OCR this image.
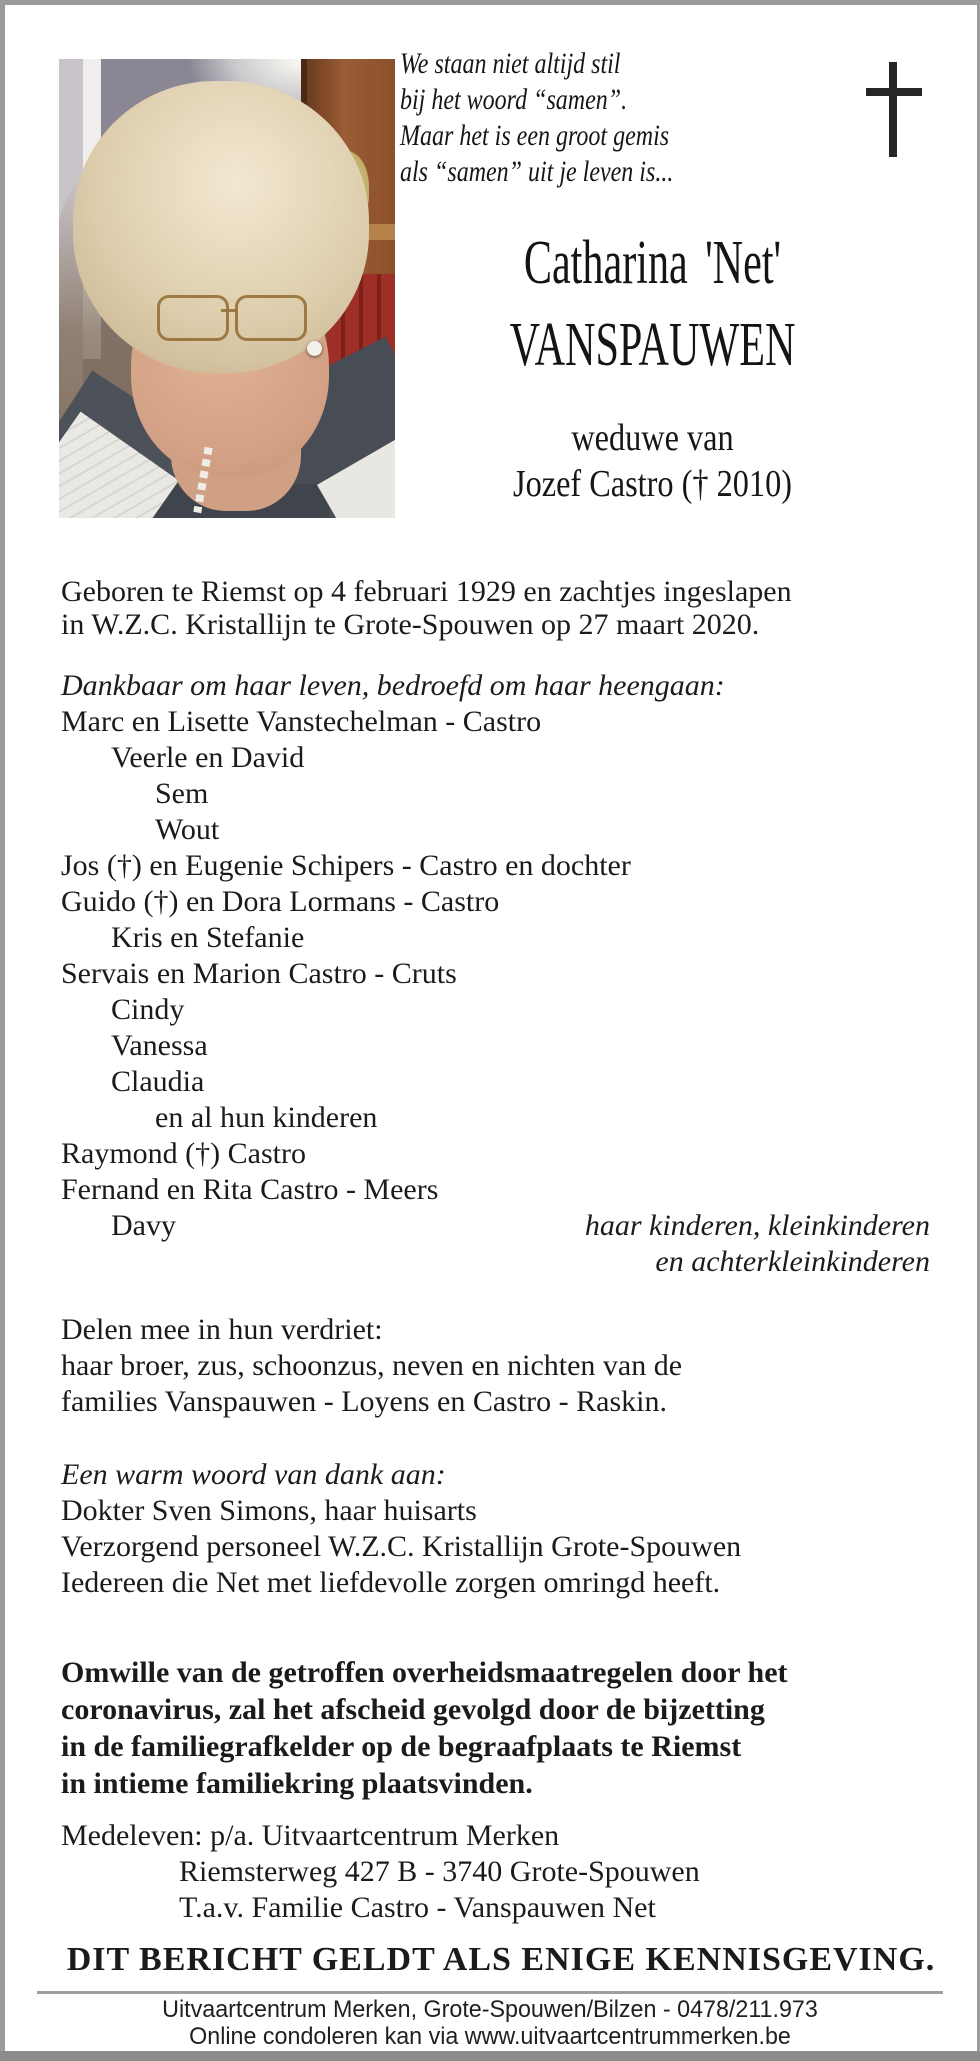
We staan niet altijd stil
bij het woord “samen”.
Maar het is een groot gemis
als “samen” uit je leven is...
Catharina 'Net'
VANSPAUWEN
weduwe van
Jozef Castro († 2010)
Geboren te Riemst op 4 februari 1929 en zachtjes ingeslapen
in W.Z.C. Kristallijn te Grote-Spouwen op 27 maart 2020.
Dankbaar om haar leven, bedroefd om haar heengaan:
Marc en Lisette Vanstechelman - Castro
Veerle en David
Sem
Wout
Jos (†) en Eugenie Schipers - Castro en dochter
Guido (†) en Dora Lormans - Castro
Kris en Stefanie
Servais en Marion Castro - Cruts
Cindy
Vanessa
Claudia
en al hun kinderen
Raymond (†) Castro
Fernand en Rita Castro - Meers
Davy
Delen mee in hun verdriet:
haar broer, zus, schoonzus, neven en nichten van de
families Vanspauwen - Loyens en Castro - Raskin.
Een warm woord van dank aan:
Dokter Sven Simons, haar huisarts
Verzorgend personeel W.Z.C. Kristallijn Grote-Spouwen
Iedereen die Net met liefdevolle zorgen omringd heeft.
Omwille van de getroffen overheidsmaatregelen door het
coronavirus, zal het afscheid gevolgd door de bijzetting
in de familiegrafkelder op de begraafplaats te Riemst
in intieme familiekring plaatsvinden.
Medeleven: p/a. Uitvaartcentrum Merken
Riemsterweg 427 B - 3740 Grote-Spouwen
T.a.v. Familie Castro - Vanspauwen Net
DIT BERICHT GELDT ALS ENIGE KENNISGEVING.
haar kinderen, kleinkinderen
en achterkleinkinderen
Uitvaartcentrum Merken, Grote-Spouwen/Bilzen - 0478/211.973
Online condoleren kan via www.uitvaartcentrummerken.be
